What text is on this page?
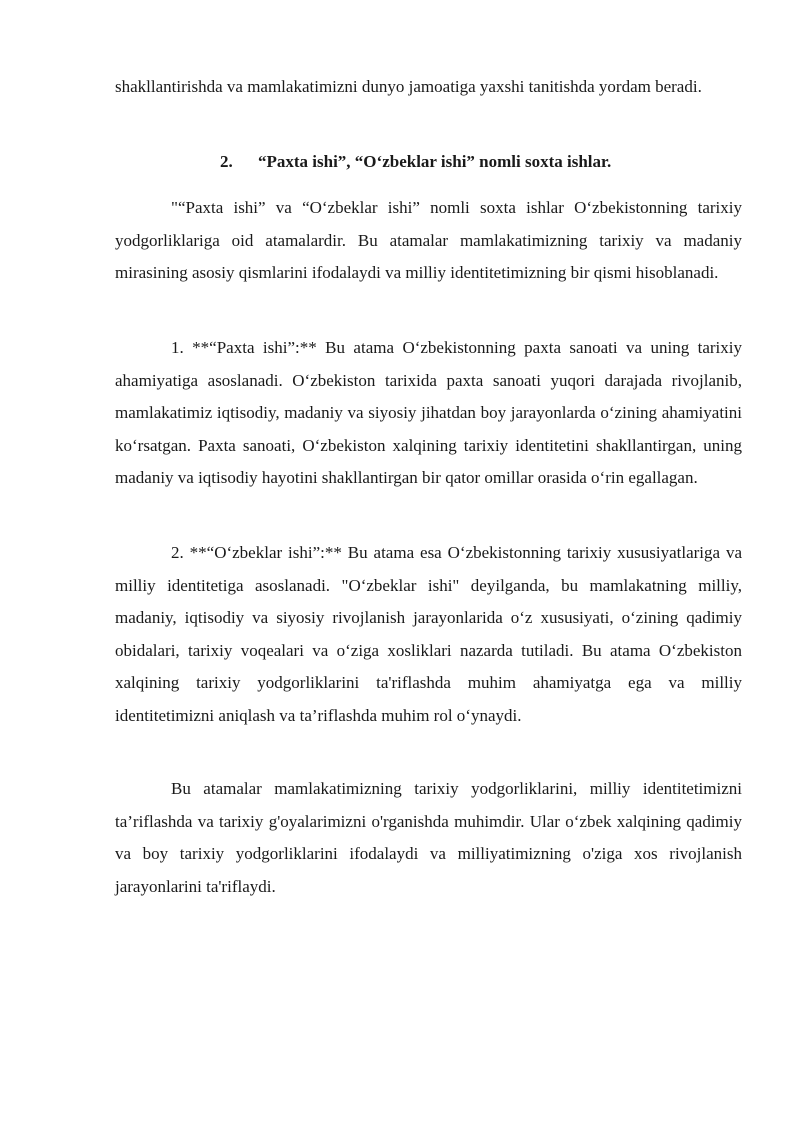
shakllantirishda va mamlakatimizni dunyo jamoatiga yaxshi tanitishda yordam beradi.

2. “Paxta ishi”, “O‘zbeklar ishi” nomli soxta ishlar.

"“Paxta ishi” va “O‘zbeklar ishi” nomli soxta ishlar O‘zbekistonning tarixiy yodgorliklariga oid atamalardir. Bu atamalar mamlakatimizning tarixiy va madaniy mirasining asosiy qismlarini ifodalaydi va milliy identitetimizning bir qismi hisoblanadi.

1. **“Paxta ishi”:** Bu atama O‘zbekistonning paxta sanoati va uning tarixiy ahamiyatiga asoslanadi. O‘zbekiston tarixida paxta sanoati yuqori darajada rivojlanib, mamlakatimiz iqtisodiy, madaniy va siyosiy jihatdan boy jarayonlarda o‘zining ahamiyatini ko‘rsatgan. Paxta sanoati, O‘zbekiston xalqining tarixiy identitetini shakllantirgan, uning madaniy va iqtisodiy hayotini shakllantirgan bir qator omillar orasida o‘rin egallagan.

2. **“O‘zbeklar ishi”:** Bu atama esa O‘zbekistonning tarixiy xususiyatlariga va milliy identitetiga asoslanadi. "O‘zbeklar ishi" deyilganda, bu mamlakatning milliy, madaniy, iqtisodiy va siyosiy rivojlanish jarayonlarida o‘z xususiyati, o‘zining qadimiy obidalari, tarixiy voqealari va o‘ziga xosliklari nazarda tutiladi. Bu atama O‘zbekiston xalqining tarixiy yodgorliklarini ta'riflashda muhim ahamiyatga ega va milliy identitetimizni aniqlash va ta’riflashda muhim rol o‘ynaydi.

Bu atamalar mamlakatimizning tarixiy yodgorliklarini, milliy identitetimizni ta’riflashda va tarixiy g'oyalarimizni o'rganishda muhimdir. Ular o‘zbek xalqining qadimiy va boy tarixiy yodgorliklarini ifodalaydi va milliyatimizning o'ziga xos rivojlanish jarayonlarini ta'riflaydi.
